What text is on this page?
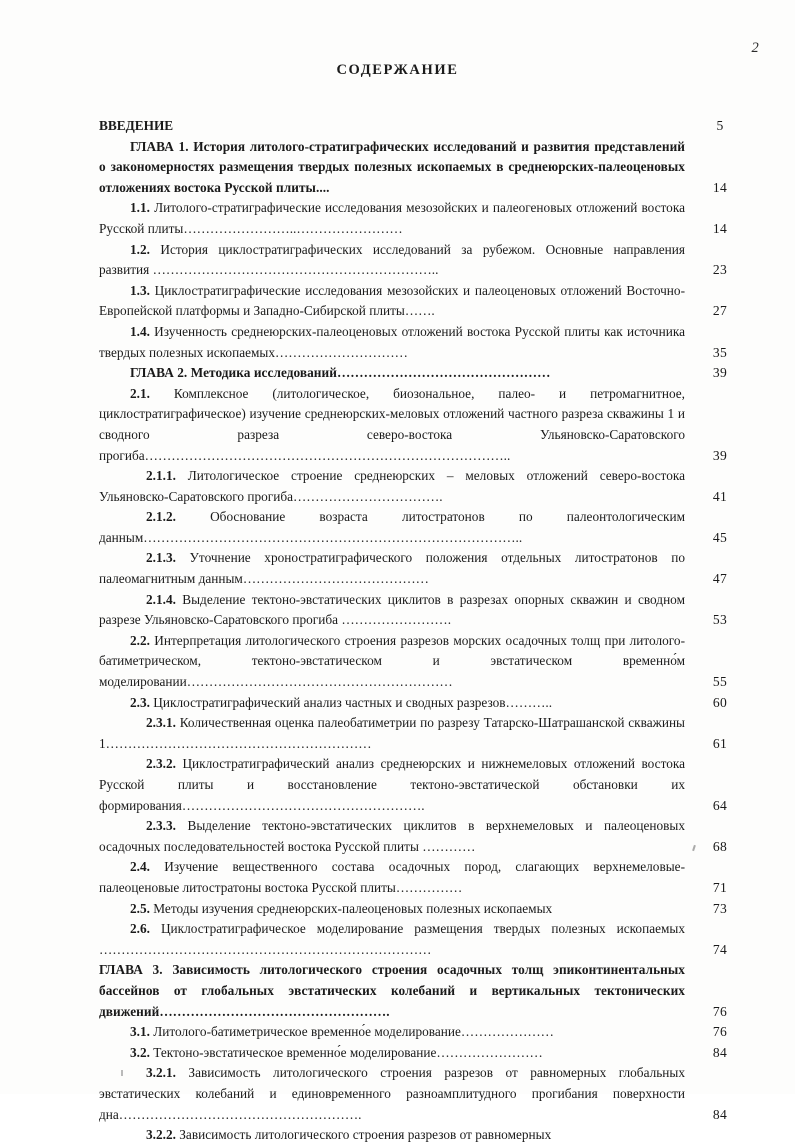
2
СОДЕРЖАНИЕ
ВВЕДЕНИЕ	5
ГЛАВА 1. История литолого-стратиграфических исследований и развития представлений о закономерностях размещения твердых полезных ископаемых в среднеюрских-палеоценовых отложениях востока Русской плиты....	14
1.1. Литолого-стратиграфические исследования мезозойских и палеогеновых отложений востока Русской плиты……………………..……………………	14
1.2. История циклостратиграфических исследований за рубежом. Основные направления развития ………………………………………………………..	23
1.3. Циклостратиграфические исследования мезозойских и палеоценовых отложений Восточно-Европейской платформы и Западно-Сибирской плиты…….	27
1.4. Изученность среднеюрских-палеоценовых отложений востока Русской плиты как источника твердых полезных ископаемых…………………………	35
ГЛАВА 2. Методика исследований…………………………………………	39
2.1. Комплексное (литологическое, биозональное, палео- и петромагнитное, циклостратиграфическое) изучение среднеюрских-меловых отложений частного разреза скважины 1 и сводного разреза северо-востока Ульяновско-Саратовского прогиба………………………………………………………………………..	39
2.1.1. Литологическое строение среднеюрских – меловых отложений северо-востока Ульяновско-Саратовского прогиба…………………………….	41
2.1.2.	Обоснование возраста литостратонов по палеонтологическим данным…………………………………………………………………………..	45
2.1.3. Уточнение хроностратиграфического положения отдельных литостратонов по палеомагнитным данным……………………………………	47
2.1.4. Выделение тектоно-эвстатических циклитов в разрезах опорных скважин и сводном разрезе Ульяновско-Саратовского прогиба …………………….	53
2.2. Интерпретация литологического строения разрезов морских осадочных толщ при литолого-батиметрическом, тектоно-эвстатическом и эвстатическом временно́м моделировании……………………………………………………	55
2.3. Циклостратиграфический анализ частных и сводных разрезов………..	60
2.3.1. Количественная оценка палеобатиметрии по разрезу Татарско-Шатрашанской скважины 1……………………………………………………	61
2.3.2. Циклостратиграфический анализ среднеюрских и нижнемеловых отложений востока Русской плиты и восстановление тектоно-эвстатической обстановки их формирования……………………………………………….	64
2.3.3. Выделение тектоно-эвстатических циклитов в верхнемеловых и палеоценовых осадочных последовательностей востока Русской плиты …………	68
2.4. Изучение вещественного состава осадочных пород, слагающих верхнемеловые-палеоценовые литостратоны востока Русской плиты……………	71
2.5. Методы изучения среднеюрских-палеоценовых полезных ископаемых	73
2.6. Циклостратиграфическое моделирование размещения твердых полезных ископаемых …………………………………………………………………	74
ГЛАВА 3. Зависимость литологического строения осадочных толщ эпиконтинентальных бассейнов от глобальных эвстатических колебаний и вертикальных тектонических движений…………………………………………….	76
3.1. Литолого-батиметрическое временно́е моделирование…………………	76
3.2. Тектоно-эвстатическое временно́е моделирование……………………	84
3.2.1. Зависимость литологического строения разрезов от равномерных глобальных эвстатических колебаний и единовременного разноамплитудного прогибания поверхности дна……………………………………………….	84
3.2.2. Зависимость литологического строения разрезов от равномерных
